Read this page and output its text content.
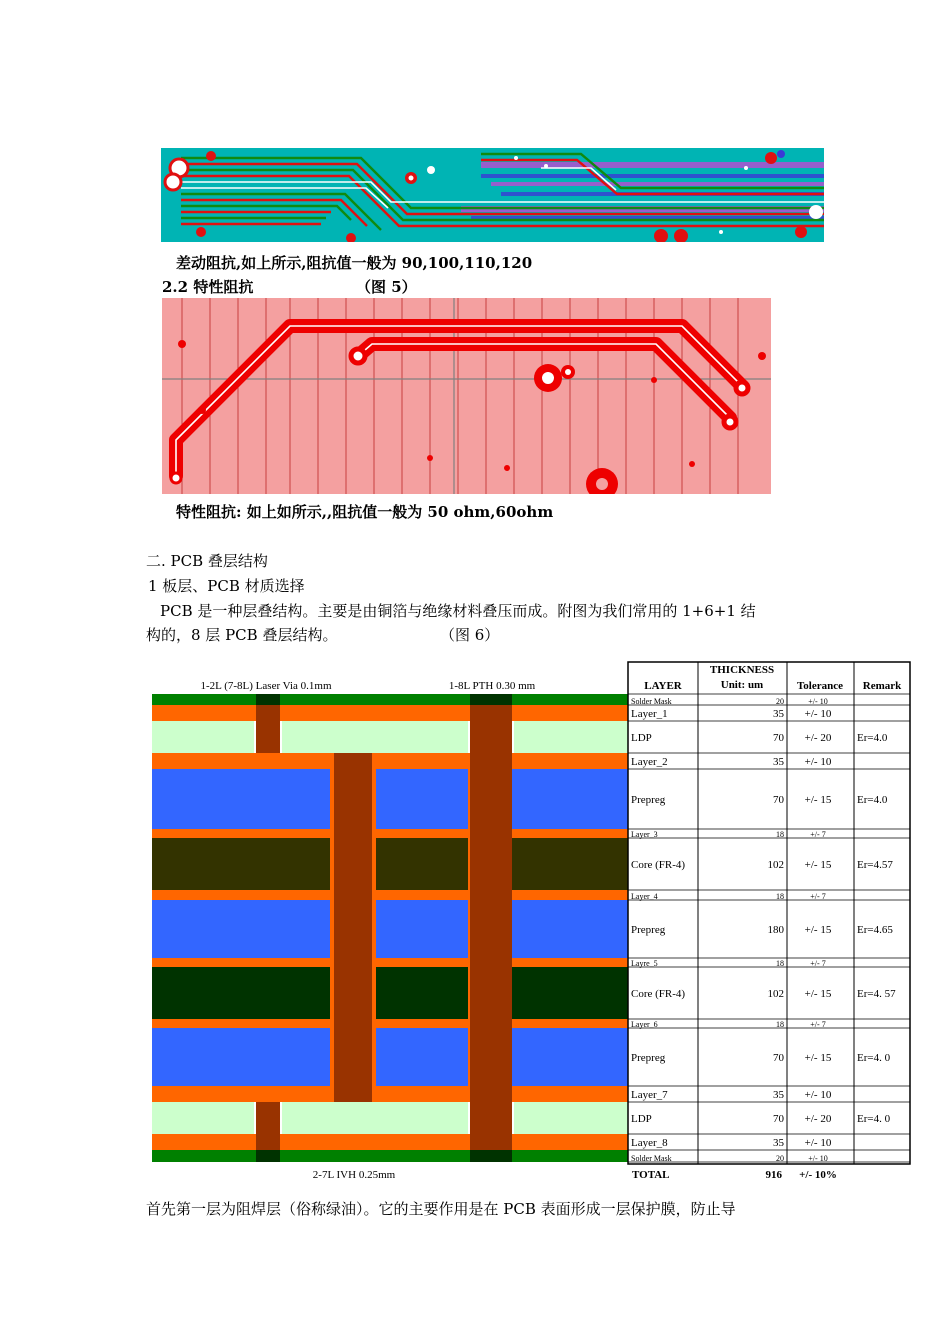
差动阻抗,如上所示,阻抗值一般为 90,100,110,120
2.2 特性阻抗	（图 5）
特性阻抗: 如上如所示,,阻抗值一般为 50 ohm,60ohm
二. PCB 叠层结构
1 板层、PCB 材质选择
PCB 是一种层叠结构。主要是由铜箔与绝缘材料叠压而成。附图为我们常用的 1+6+1 结
构的，8 层 PCB 叠层结构。	（图 6）
1-2L (7-8L) Laser Via 0.1mm	1-8L PTH 0.30 mm
2-7L IVH 0.25mm
LAYER
THICKNESS
Unit: um	Tolerance Remark
Solder Mask	20	+/- 10
Layer_1	35 +/- 10
LDP	70 +/- 20 Er=4.0
Layer_2	35 +/- 10
Prepreg	70 +/- 15 Er=4.0
Layer_3	18	+/- 7
Core (FR-4)	102 +/- 15 Er=4.57
Layer_4	18	+/- 7
Prepreg	180 +/- 15 Er=4.65
Layre_5	18	+/- 7
Core (FR-4)	102 +/- 15 Er=4. 57
Layer_6	18	+/- 7
Prepreg	70 +/- 15 Er=4. 0
Layer_7	35 +/- 10
LDP	70 +/- 20 Er=4. 0
Layer_8	35 +/- 10
Solder Mask	20	+/- 10
TOTAL	916 +/- 10%
首先第一层为阻焊层（俗称绿油）。它的主要作用是在 PCB 表面形成一层保护膜，防止导
